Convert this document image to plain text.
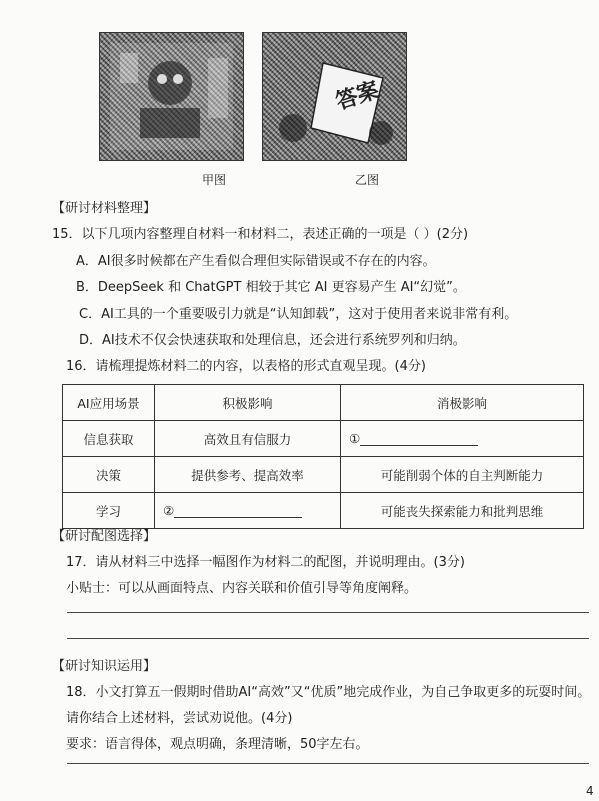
答案
甲图	乙图
【研讨材料整理】
15．以下几项内容整理自材料一和材料二，表述正确的一项是（ ）(2分)
A．AI很多时候都在产生看似合理但实际错误或不存在的内容。
B．DeepSeek 和 ChatGPT 相较于其它 AI 更容易产生 AI“幻觉”。
C．AI工具的一个重要吸引力就是“认知卸载”，这对于使用者来说非常有利。
D．AI技术不仅会快速获取和处理信息，还会进行系统罗列和归纳。
16．请梳理提炼材料二的内容，以表格的形式直观呈现。(4分)
AI应用场景	积极影响	消极影响
信息获取	高效且有信服力	①
决策	提供参考、提高效率	可能削弱个体的自主判断能力
学习	②	可能丧失探索能力和批判思维
【研讨配图选择】
17．请从材料三中选择一幅图作为材料二的配图，并说明理由。(3分)
小贴士：可以从画面特点、内容关联和价值引导等角度阐释。
【研讨知识运用】
18．小文打算五一假期时借助AI“高效”又“优质”地完成作业，为自己争取更多的玩耍时间。
请你结合上述材料，尝试劝说他。(4分)
要求：语言得体，观点明确，条理清晰，50字左右。
4
